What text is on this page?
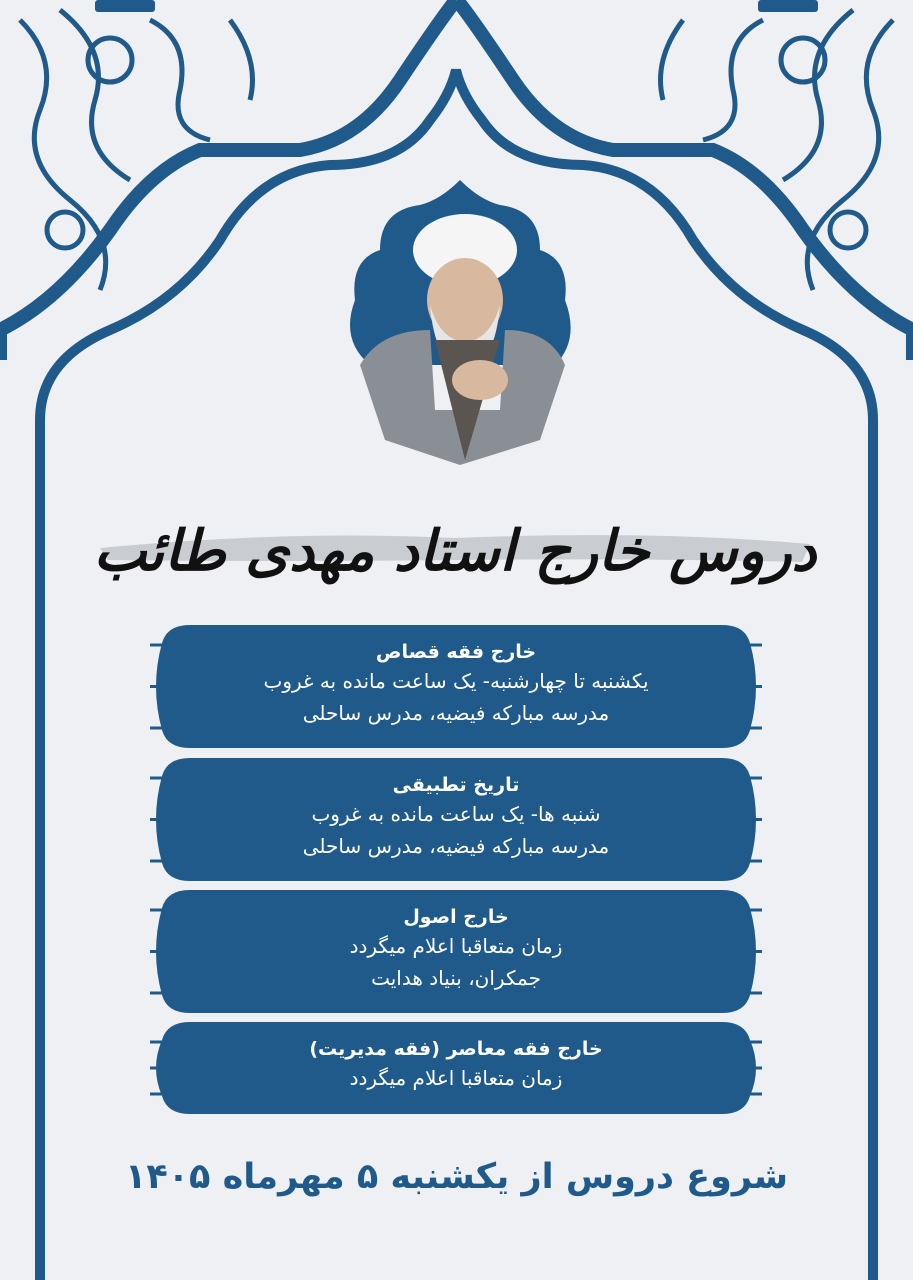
دروس خارج استاد مهدی طائب
خارج فقه قصاص
یکشنبه تا چهارشنبه- یک ساعت مانده به غروب
مدرسه مبارکه فیضیه، مدرس ساحلی
تاریخ تطبیقی
شنبه ها- یک ساعت مانده به غروب
مدرسه مبارکه فیضیه، مدرس ساحلی
خارج اصول
زمان متعاقبا اعلام میگردد
جمکران، بنیاد هدایت
خارج فقه معاصر (فقه مدیریت)
زمان متعاقبا اعلام میگردد
شروع دروس از یکشنبه ۵ مهرماه ۱۴۰۵
